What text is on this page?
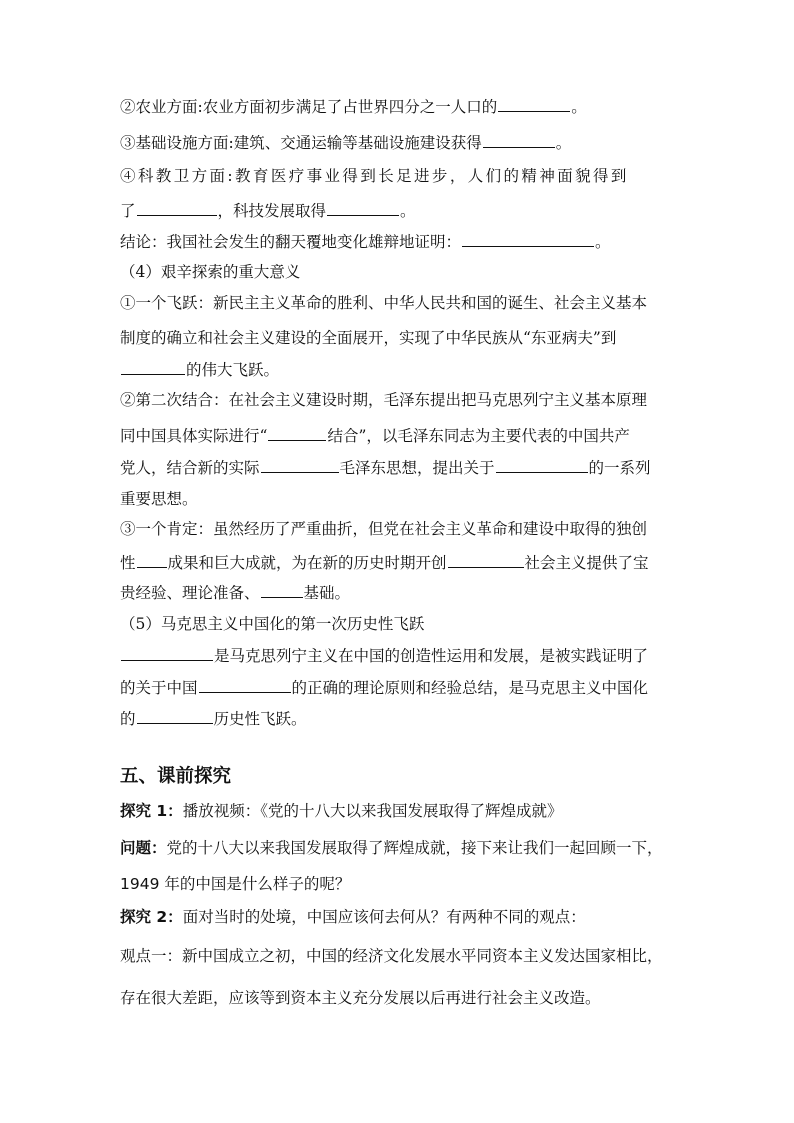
②农业方面:农业方面初步满足了占世界四分之一人口的	。
③基础设施方面:建筑、交通运输等基础设施建设获得	。
④科教卫方面:教育医疗事业得到长足进步，人们的精神面貌得到
了	，科技发展取得	。
结论：我国社会发生的翻天覆地变化雄辩地证明：	。
（4）艰辛探索的重大意义
①一个飞跃：新民主主义革命的胜利、中华人民共和国的诞生、社会主义基本
制度的确立和社会主义建设的全面展开，实现了中华民族从“东亚病夫”到
的伟大飞跃。
②第二次结合：在社会主义建设时期，毛泽东提出把马克思列宁主义基本原理
同中国具体实际进行“	结合”，以毛泽东同志为主要代表的中国共产
党人，结合新的实际	毛泽东思想，提出关于	的一系列
重要思想。
③一个肯定：虽然经历了严重曲折，但党在社会主义革命和建设中取得的独创
性 成果和巨大成就，为在新的历史时期开创	社会主义提供了宝
贵经验、理论准备、	基础。
（5）马克思主义中国化的第一次历史性飞跃
是马克思列宁主义在中国的创造性运用和发展，是被实践证明了
的关于中国	的正确的理论原则和经验总结，是马克思主义中国化
的	历史性飞跃。
五、课前探究
探究 1：播放视频：《党的十八大以来我国发展取得了辉煌成就》
问题：党的十八大以来我国发展取得了辉煌成就，接下来让我们一起回顾一下，
1949 年的中国是什么样子的呢？
探究 2：面对当时的处境，中国应该何去何从？有两种不同的观点：
观点一：新中国成立之初，中国的经济文化发展水平同资本主义发达国家相比，
存在很大差距，应该等到资本主义充分发展以后再进行社会主义改造。
